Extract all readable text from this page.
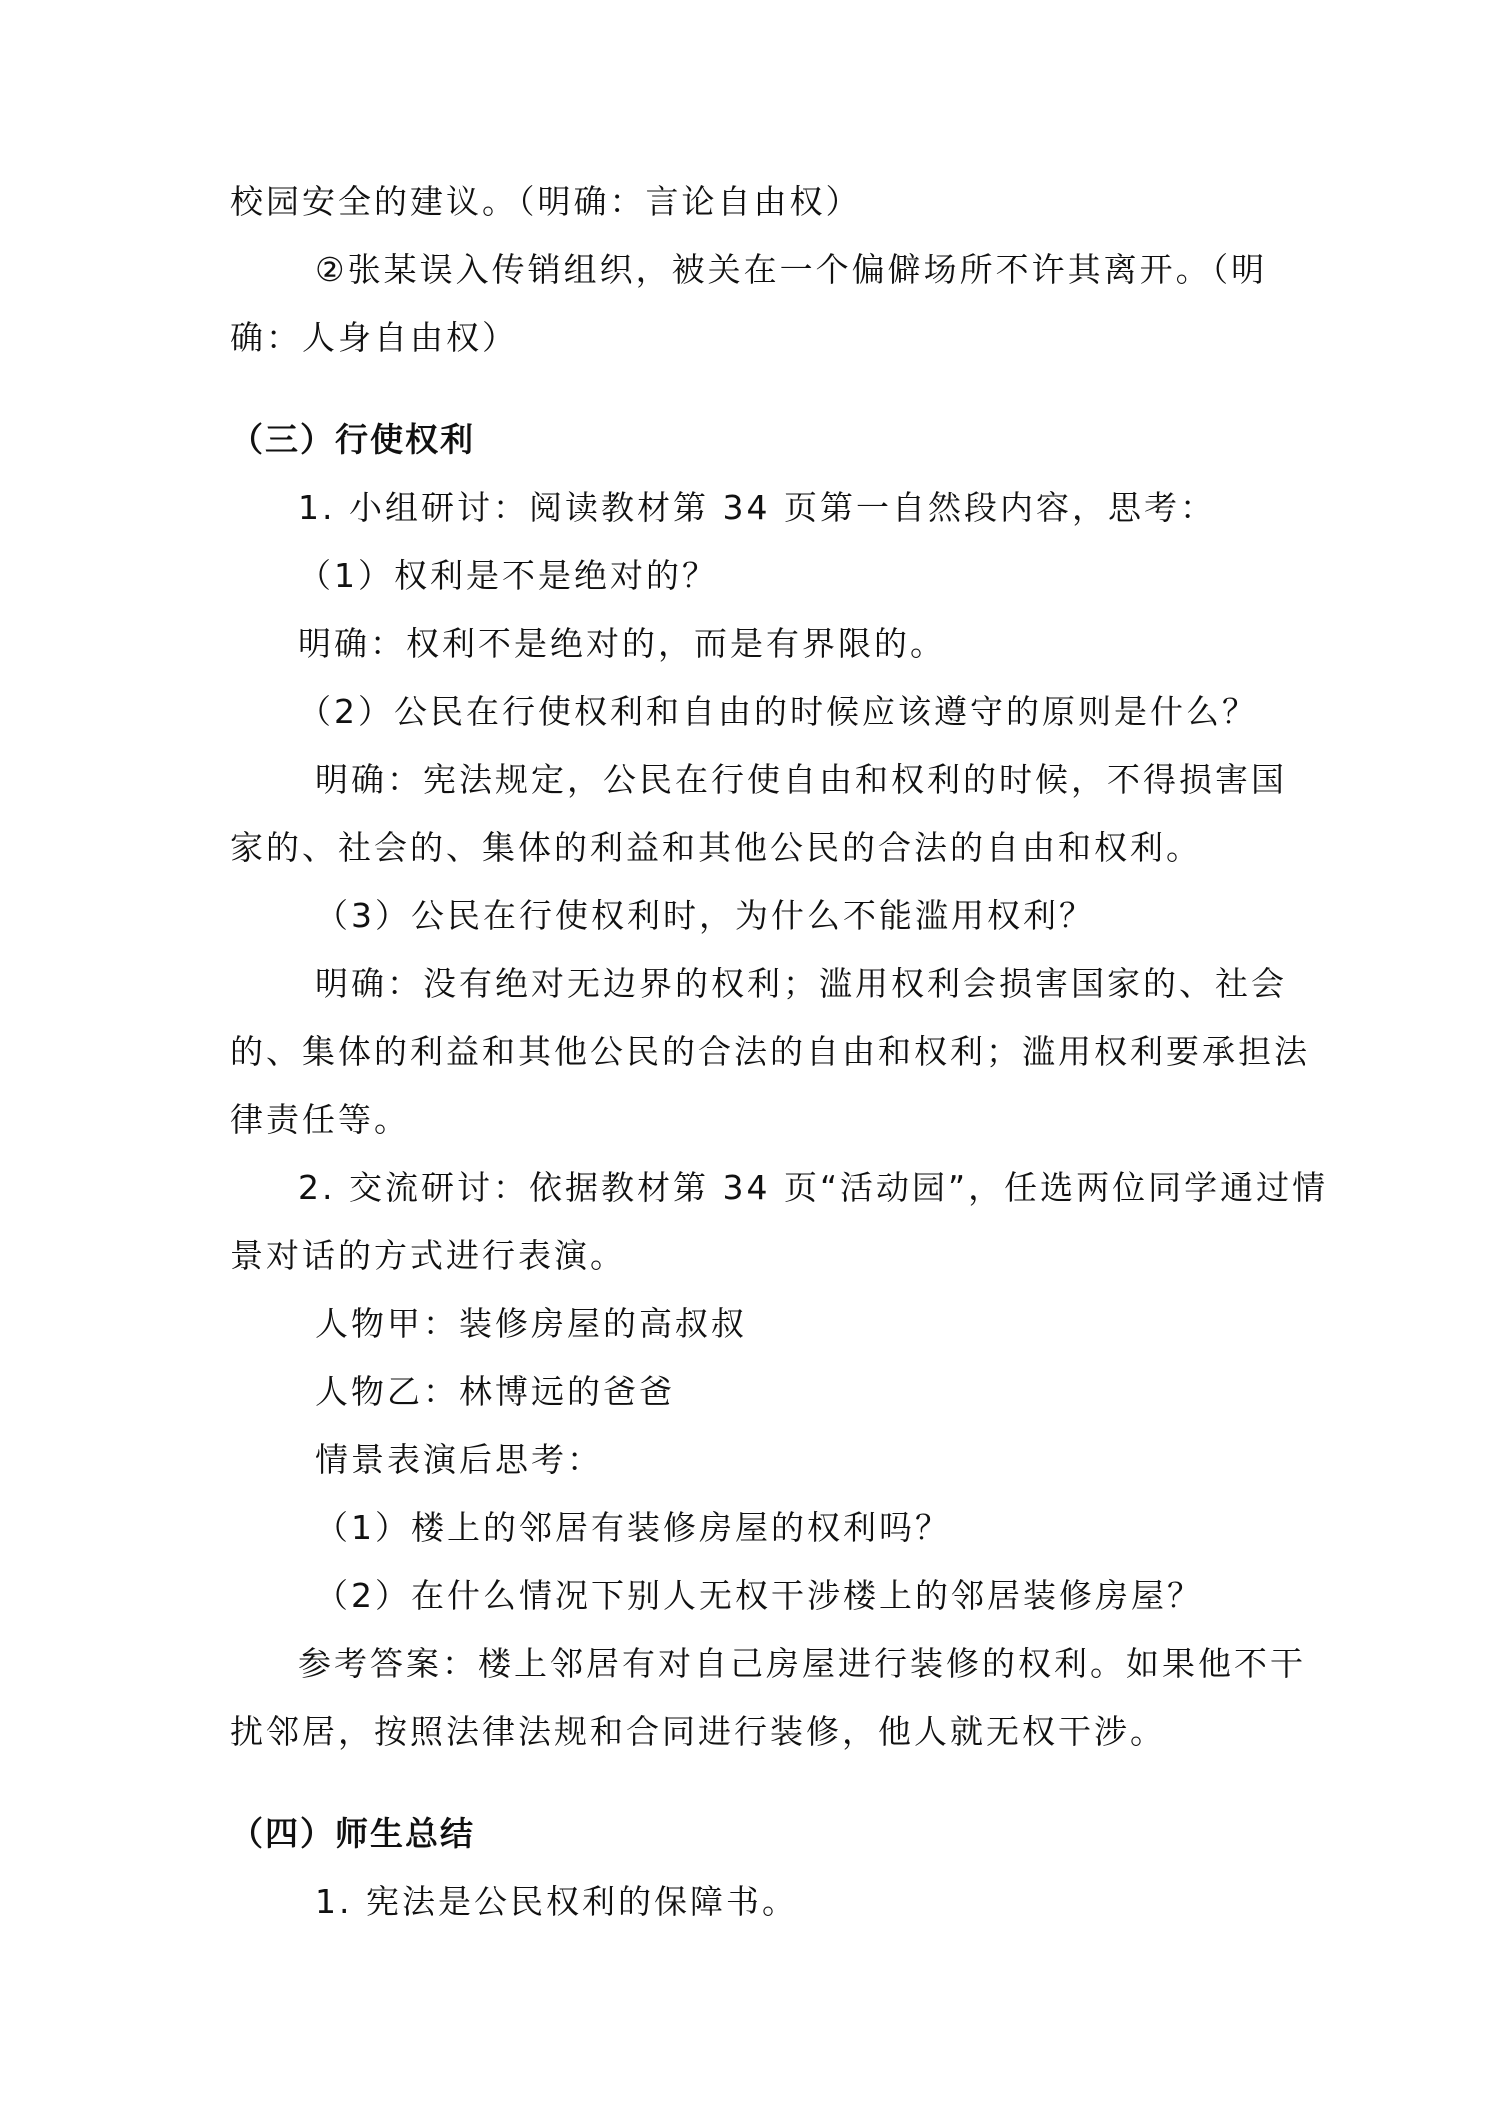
校园安全的建议。（明确：言论自由权）
②张某误入传销组织，被关在一个偏僻场所不许其离开。（明
确：人身自由权）
（三）行使权利
1. 小组研讨：阅读教材第 34 页第一自然段内容，思考：
（1）权利是不是绝对的？
明确：权利不是绝对的，而是有界限的。
（2）公民在行使权利和自由的时候应该遵守的原则是什么？
明确：宪法规定，公民在行使自由和权利的时候，不得损害国
家的、社会的、集体的利益和其他公民的合法的自由和权利。
（3）公民在行使权利时，为什么不能滥用权利？
明确：没有绝对无边界的权利；滥用权利会损害国家的、社会
的、集体的利益和其他公民的合法的自由和权利；滥用权利要承担法
律责任等。
2. 交流研讨：依据教材第 34 页“活动园”，任选两位同学通过情
景对话的方式进行表演。
人物甲：装修房屋的高叔叔
人物乙：林博远的爸爸
情景表演后思考：
（1）楼上的邻居有装修房屋的权利吗？
（2）在什么情况下别人无权干涉楼上的邻居装修房屋？
参考答案：楼上邻居有对自己房屋进行装修的权利。如果他不干
扰邻居，按照法律法规和合同进行装修，他人就无权干涉。
（四）师生总结
1. 宪法是公民权利的保障书。
